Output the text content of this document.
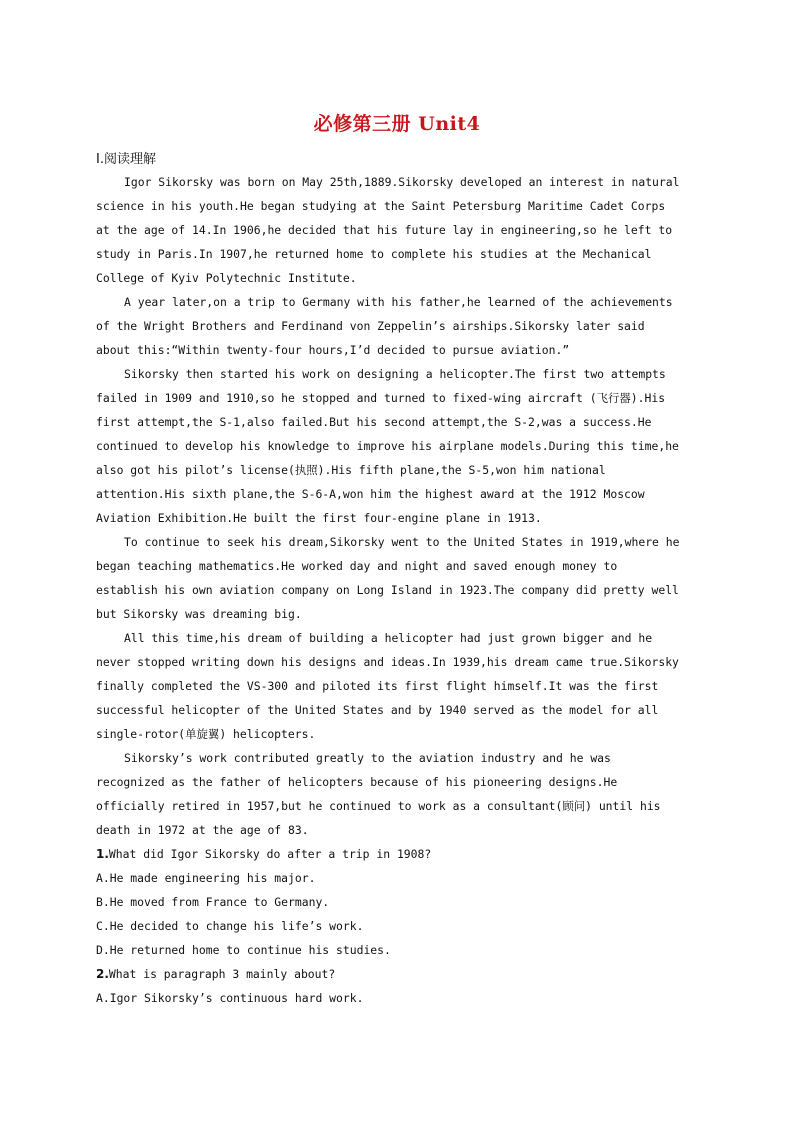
必修第三册 Unit4
Ⅰ.阅读理解
Igor Sikorsky was born on May 25th,1889.Sikorsky developed an interest in natural
science in his youth.He began studying at the Saint Petersburg Maritime Cadet Corps
at the age of 14.In 1906,he decided that his future lay in engineering,so he left to
study in Paris.In 1907,he returned home to complete his studies at the Mechanical
College of Kyiv Polytechnic Institute.
A year later,on a trip to Germany with his father,he learned of the achievements
of the Wright Brothers and Ferdinand von Zeppelin’s airships.Sikorsky later said
about this:“Within twenty-four hours,I’d decided to pursue aviation.”
Sikorsky then started his work on designing a helicopter.The first two attempts
failed in 1909 and 1910,so he stopped and turned to fixed-wing aircraft (飞行器).His
first attempt,the S-1,also failed.But his second attempt,the S-2,was a success.He
continued to develop his knowledge to improve his airplane models.During this time,he
also got his pilot’s license(执照).His fifth plane,the S-5,won him national
attention.His sixth plane,the S-6-A,won him the highest award at the 1912 Moscow
Aviation Exhibition.He built the first four-engine plane in 1913.
To continue to seek his dream,Sikorsky went to the United States in 1919,where he
began teaching mathematics.He worked day and night and saved enough money to
establish his own aviation company on Long Island in 1923.The company did pretty well
but Sikorsky was dreaming big.
All this time,his dream of building a helicopter had just grown bigger and he
never stopped writing down his designs and ideas.In 1939,his dream came true.Sikorsky
finally completed the VS-300 and piloted its first flight himself.It was the first
successful helicopter of the United States and by 1940 served as the model for all
single-rotor(单旋翼) helicopters.
Sikorsky’s work contributed greatly to the aviation industry and he was
recognized as the father of helicopters because of his pioneering designs.He
officially retired in 1957,but he continued to work as a consultant(顾问) until his
death in 1972 at the age of 83.
1.What did Igor Sikorsky do after a trip in 1908?
A.He made engineering his major.
B.He moved from France to Germany.
C.He decided to change his life’s work.
D.He returned home to continue his studies.
2.What is paragraph 3 mainly about?
A.Igor Sikorsky’s continuous hard work.
